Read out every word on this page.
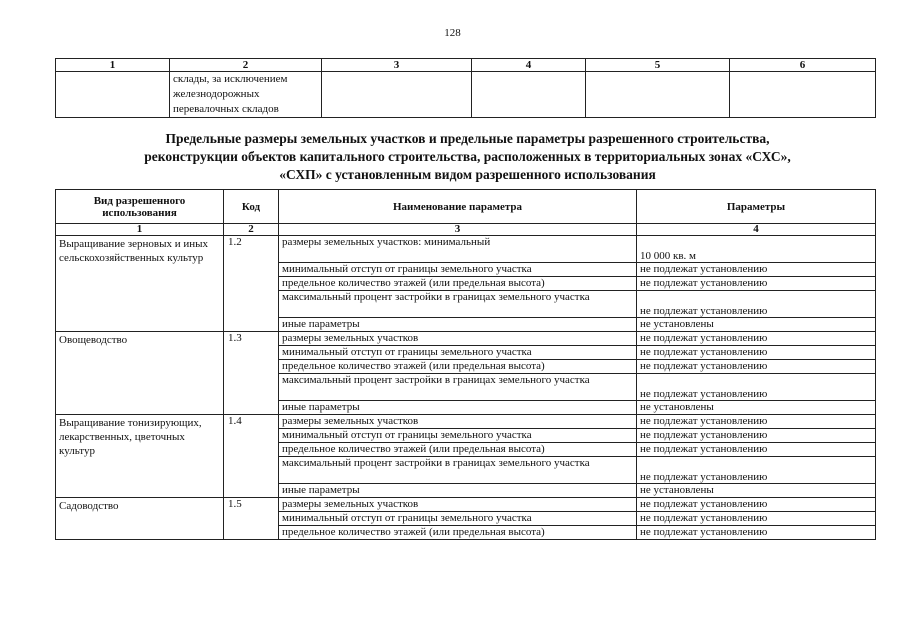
128
1	2	3	4	5	6
	склады, за исключением железнодорожных перевалочных складов				
Предельные размеры земельных участков и предельные параметры разрешенного строительства,
реконструкции объектов капитального строительства, расположенных в территориальных зонах «СХС»,
«СХП» с установленным видом разрешенного использования
Вид разрешенного использования	Код	Наименование параметра	Параметры
1	2	3	4
Выращивание зерновых и иных сельскохозяйственных культур	1.2	размеры земельных участков: минимальный	10 000 кв. м
		минимальный отступ от границы земельного участка	не подлежат установлению
		предельное количество этажей (или предельная высота)	не подлежат установлению
		максимальный процент застройки в границах земельного участка	не подлежат установлению
		иные параметры	не установлены
Овощеводство	1.3	размеры земельных участков	не подлежат установлению
		минимальный отступ от границы земельного участка	не подлежат установлению
		предельное количество этажей (или предельная высота)	не подлежат установлению
		максимальный процент застройки в границах земельного участка	не подлежат установлению
		иные параметры	не установлены
Выращивание тонизирующих, лекарственных, цветочных культур	1.4	размеры земельных участков	не подлежат установлению
		минимальный отступ от границы земельного участка	не подлежат установлению
		предельное количество этажей (или предельная высота)	не подлежат установлению
		максимальный процент застройки в границах земельного участка	не подлежат установлению
		иные параметры	не установлены
Садоводство	1.5	размеры земельных участков	не подлежат установлению
		минимальный отступ от границы земельного участка	не подлежат установлению
		предельное количество этажей (или предельная высота)	не подлежат установлению
